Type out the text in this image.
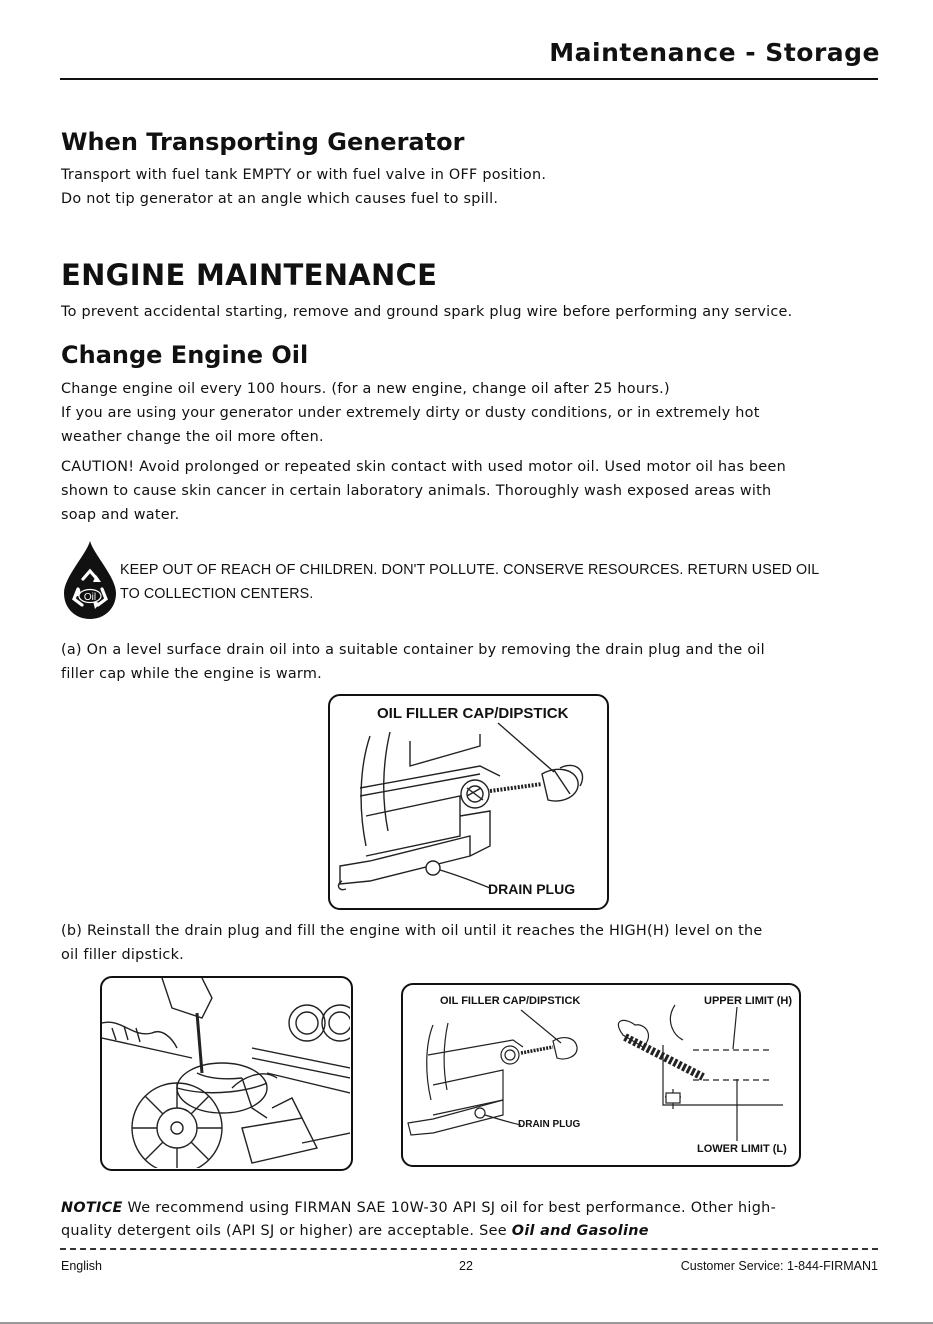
Maintenance - Storage
When Transporting Generator
Transport with fuel tank EMPTY or with fuel valve in OFF position.
Do not tip generator at an angle which causes fuel to spill.
ENGINE MAINTENANCE
To prevent accidental starting, remove and ground spark plug wire before performing any service.
Change Engine Oil
Change engine oil every 100 hours. (for a new engine, change oil after 25 hours.)
If you are using your generator under extremely dirty or dusty conditions, or in extremely hot
weather change the oil more often.
CAUTION! Avoid prolonged or repeated skin contact with used motor oil. Used motor oil has been
shown to cause skin cancer in certain laboratory animals. Thoroughly wash exposed areas with
soap and water.
Oil
KEEP OUT OF REACH OF CHILDREN. DON'T POLLUTE. CONSERVE RESOURCES. RETURN USED OIL
TO COLLECTION CENTERS.
(a) On a level surface drain oil into a suitable container by removing the drain plug and the oil
filler cap while the engine is warm.
OIL FILLER CAP/DIPSTICK
DRAIN PLUG
(b) Reinstall the drain plug and fill the engine with oil until it reaches the HIGH(H) level on the
oil filler dipstick.
OIL FILLER CAP/DIPSTICK
DRAIN PLUG
UPPER LIMIT (H)
LOWER LIMIT (L)
NOTICE We recommend using FIRMAN SAE 10W-30 API SJ oil for best performance. Other high-
quality detergent oils (API SJ or higher) are acceptable. See Oil and Gasoline
English	22	Customer Service: 1-844-FIRMAN1
